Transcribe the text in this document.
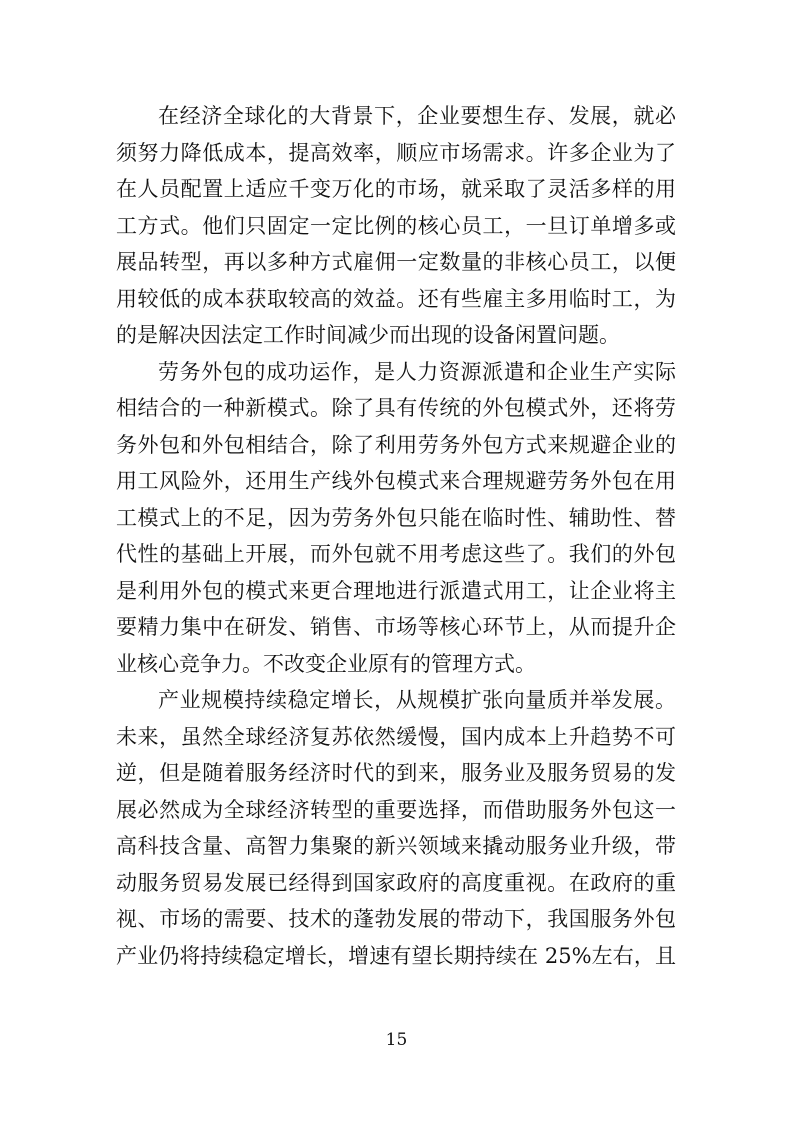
在经济全球化的大背景下，企业要想生存、发展，就必
须努力降低成本，提高效率，顺应市场需求。许多企业为了
在人员配置上适应千变万化的市场，就采取了灵活多样的用
工方式。他们只固定一定比例的核心员工，一旦订单增多或
展品转型，再以多种方式雇佣一定数量的非核心员工，以便
用较低的成本获取较高的效益。还有些雇主多用临时工，为
的是解决因法定工作时间减少而出现的设备闲置问题。
劳务外包的成功运作，是人力资源派遣和企业生产实际
相结合的一种新模式。除了具有传统的外包模式外，还将劳
务外包和外包相结合，除了利用劳务外包方式来规避企业的
用工风险外，还用生产线外包模式来合理规避劳务外包在用
工模式上的不足，因为劳务外包只能在临时性、辅助性、替
代性的基础上开展，而外包就不用考虑这些了。我们的外包
是利用外包的模式来更合理地进行派遣式用工，让企业将主
要精力集中在研发、销售、市场等核心环节上，从而提升企
业核心竞争力。不改变企业原有的管理方式。
产业规模持续稳定增长，从规模扩张向量质并举发展。
未来，虽然全球经济复苏依然缓慢，国内成本上升趋势不可
逆，但是随着服务经济时代的到来，服务业及服务贸易的发
展必然成为全球经济转型的重要选择，而借助服务外包这一
高科技含量、高智力集聚的新兴领域来撬动服务业升级，带
动服务贸易发展已经得到国家政府的高度重视。在政府的重
视、市场的需要、技术的蓬勃发展的带动下，我国服务外包
产业仍将持续稳定增长，增速有望长期持续在 25%左右，且
15
